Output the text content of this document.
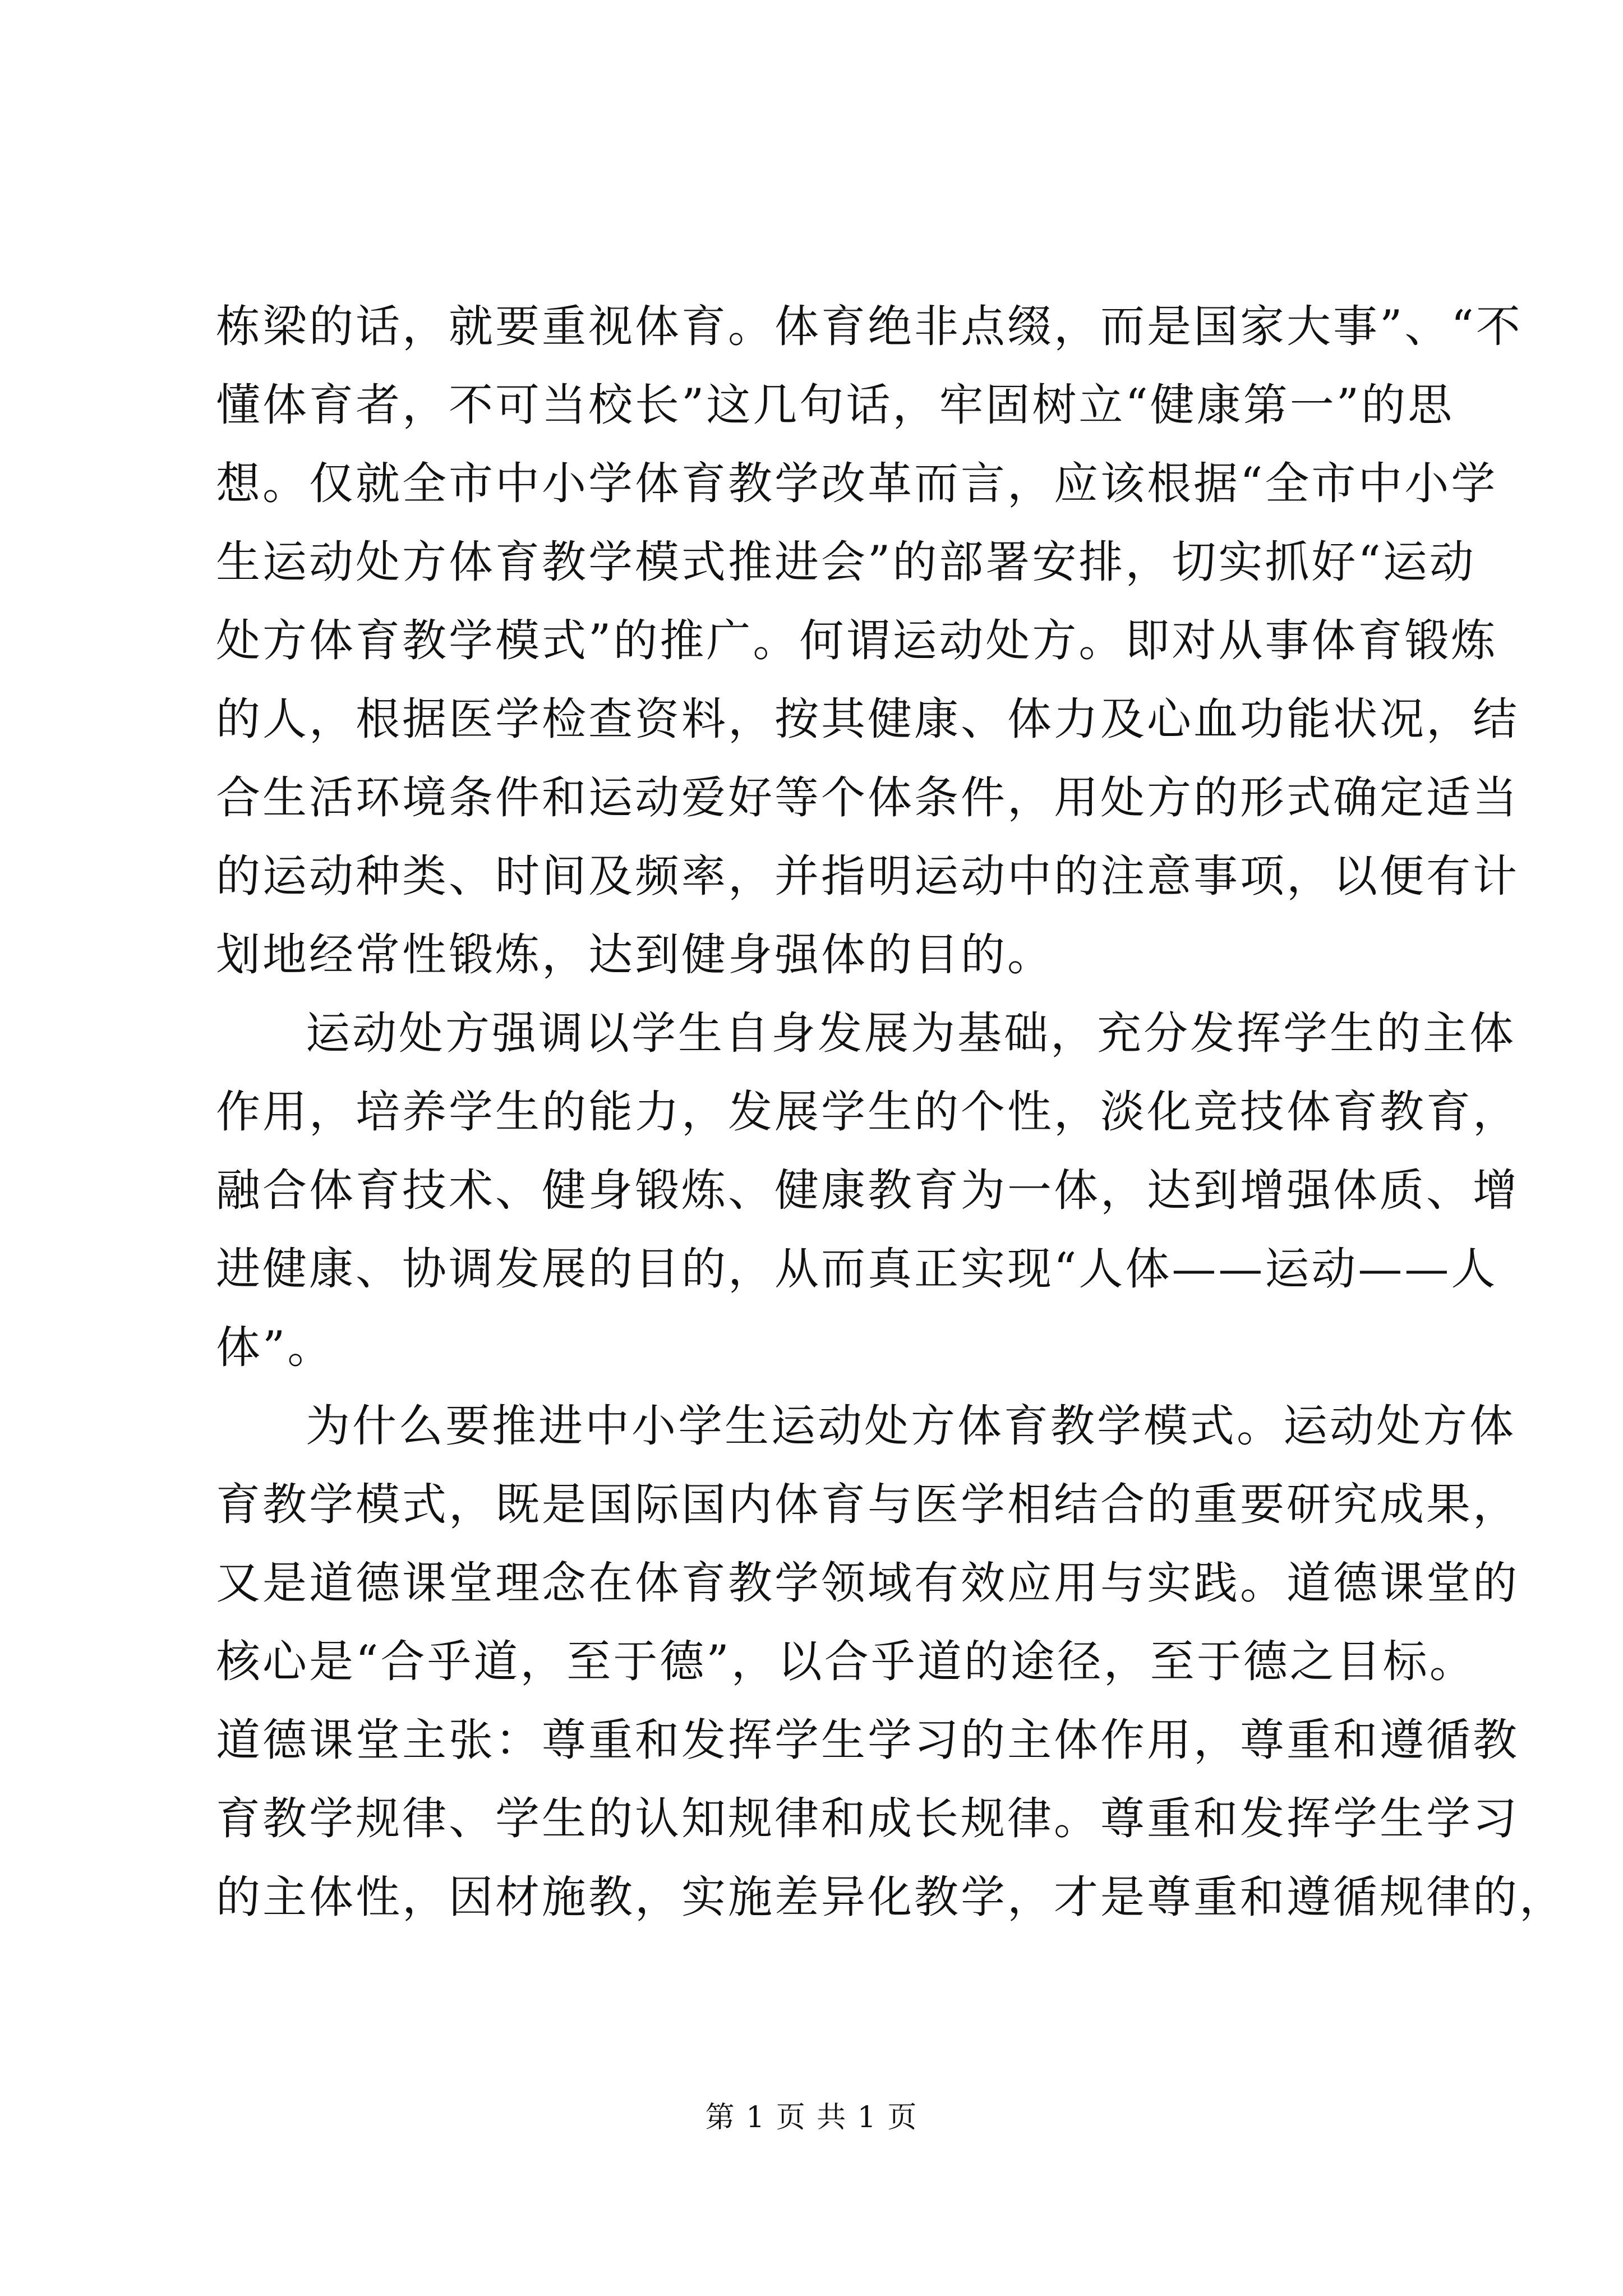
栋梁的话，就要重视体育。体育绝非点缀，而是国家大事”、“不
懂体育者，不可当校长”这几句话，牢固树立“健康第一”的思
想。仅就全市中小学体育教学改革而言，应该根据“全市中小学
生运动处方体育教学模式推进会”的部署安排，切实抓好“运动
处方体育教学模式”的推广。何谓运动处方。即对从事体育锻炼
的人，根据医学检查资料，按其健康、体力及心血功能状况，结
合生活环境条件和运动爱好等个体条件，用处方的形式确定适当
的运动种类、时间及频率，并指明运动中的注意事项，以便有计
划地经常性锻炼，达到健身强体的目的。

运动处方强调以学生自身发展为基础，充分发挥学生的主体
作用，培养学生的能力，发展学生的个性，淡化竞技体育教育，
融合体育技术、健身锻炼、健康教育为一体，达到增强体质、增
进健康、协调发展的目的，从而真正实现“人体——运动——人
体”。

为什么要推进中小学生运动处方体育教学模式。运动处方体
育教学模式，既是国际国内体育与医学相结合的重要研究成果，
又是道德课堂理念在体育教学领域有效应用与实践。道德课堂的
核心是“合乎道，至于德”，以合乎道的途径，至于德之目标。
道德课堂主张：尊重和发挥学生学习的主体作用，尊重和遵循教
育教学规律、学生的认知规律和成长规律。尊重和发挥学生学习
的主体性，因材施教，实施差异化教学，才是尊重和遵循规律的，

第 1 页 共 1 页
